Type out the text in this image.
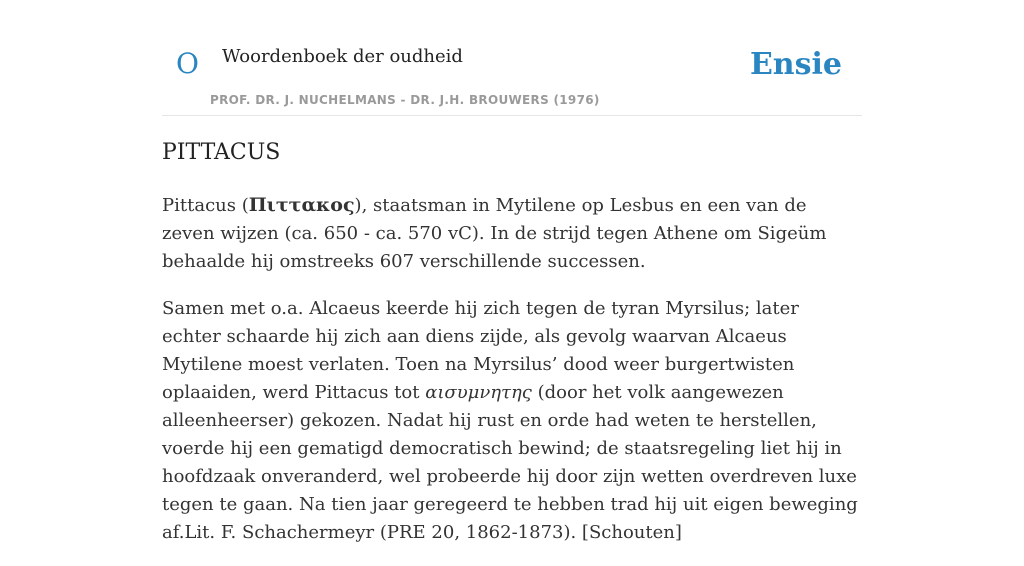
O Woordenboek der oudheid
PROF. DR. J. NUCHELMANS - DR. J.H. BROUWERS (1976)
Ensie
PITTACUS

Pittacus (Πιττακος), staatsman in Mytilene op Lesbus en een van de zeven wijzen (ca. 650 - ca. 570 vC). In de strijd tegen Athene om Sigeüm behaalde hij omstreeks 607 verschillende successen.

Samen met o.a. Alcaeus keerde hij zich tegen de tyran Myrsilus; later echter schaarde hij zich aan diens zijde, als gevolg waarvan Alcaeus Mytilene moest verlaten. Toen na Myrsilus’ dood weer burgertwisten oplaaiden, werd Pittacus tot αισυμνητης (door het volk aangewezen alleenheerser) gekozen. Nadat hij rust en orde had weten te herstellen, voerde hij een gematigd democratisch bewind; de staatsregeling liet hij in hoofdzaak onveranderd, wel probeerde hij door zijn wetten overdreven luxe tegen te gaan. Na tien jaar geregeerd te hebben trad hij uit eigen beweging af.Lit. F. Schachermeyr (PRE 20, 1862-1873). [Schouten]
